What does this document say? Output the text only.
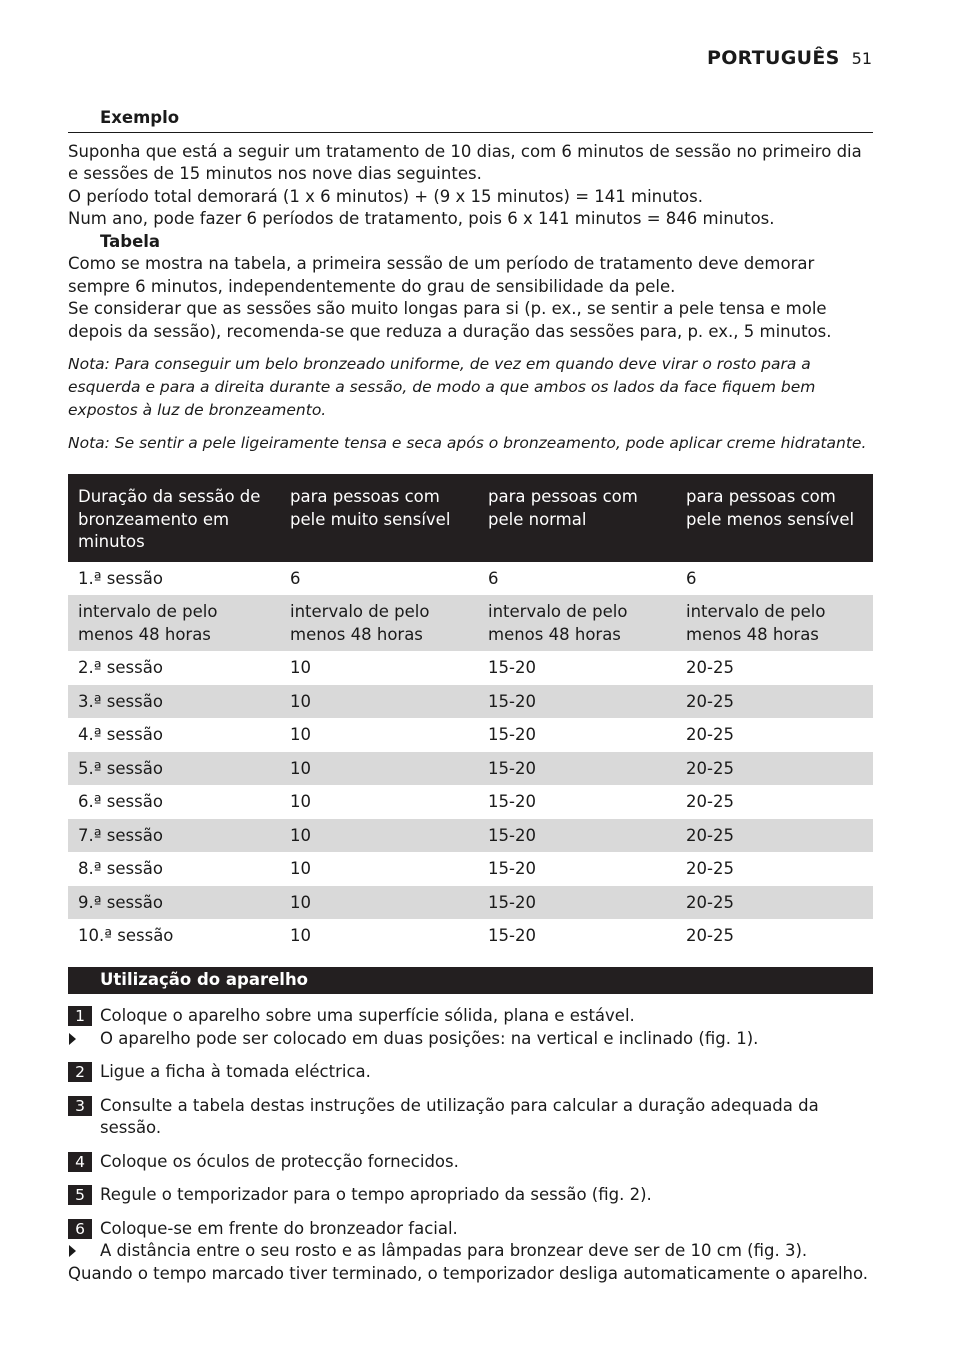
PORTUGUÊS 51
Exemplo

Suponha que está a seguir um tratamento de 10 dias, com 6 minutos de sessão no primeiro dia e sessões de 15 minutos nos nove dias seguintes.

O período total demorará (1 x 6 minutos) + (9 x 15 minutos) = 141 minutos.

Num ano, pode fazer 6 períodos de tratamento, pois 6 x 141 minutos = 846 minutos.

Tabela

Como se mostra na tabela, a primeira sessão de um período de tratamento deve demorar sempre 6 minutos, independentemente do grau de sensibilidade da pele.

Se considerar que as sessões são muito longas para si (p. ex., se sentir a pele tensa e mole depois da sessão), recomenda-se que reduza a duração das sessões para, p. ex., 5 minutos.

Nota: Para conseguir um belo bronzeado uniforme, de vez em quando deve virar o rosto para a esquerda e para a direita durante a sessão, de modo a que ambos os lados da face fiquem bem expostos à luz de bronzeamento.

Nota: Se sentir a pele ligeiramente tensa e seca após o bronzeamento, pode aplicar creme hidratante.

Duração da sessão de bronzeamento em minutos	para pessoas com pele muito sensível	para pessoas com pele normal	para pessoas com pele menos sensível
1.ª sessão	6	6	6
intervalo de pelo menos 48 horas	intervalo de pelo menos 48 horas	intervalo de pelo menos 48 horas	intervalo de pelo menos 48 horas
2.ª sessão	10	15-20	20-25
3.ª sessão	10	15-20	20-25
4.ª sessão	10	15-20	20-25
5.ª sessão	10	15-20	20-25
6.ª sessão	10	15-20	20-25
7.ª sessão	10	15-20	20-25
8.ª sessão	10	15-20	20-25
9.ª sessão	10	15-20	20-25
10.ª sessão	10	15-20	20-25
Utilização do aparelho
1 Coloque o aparelho sobre uma superfície sólida, plana e estável.
O aparelho pode ser colocado em duas posições: na vertical e inclinado (fig. 1).
2 Ligue a ficha à tomada eléctrica.
3 Consulte a tabela destas instruções de utilização para calcular a duração adequada da sessão.
4 Coloque os óculos de protecção fornecidos.
5 Regule o temporizador para o tempo apropriado da sessão (fig. 2).
6 Coloque-se em frente do bronzeador facial.
A distância entre o seu rosto e as lâmpadas para bronzear deve ser de 10 cm (fig. 3).

Quando o tempo marcado tiver terminado, o temporizador desliga automaticamente o aparelho.
